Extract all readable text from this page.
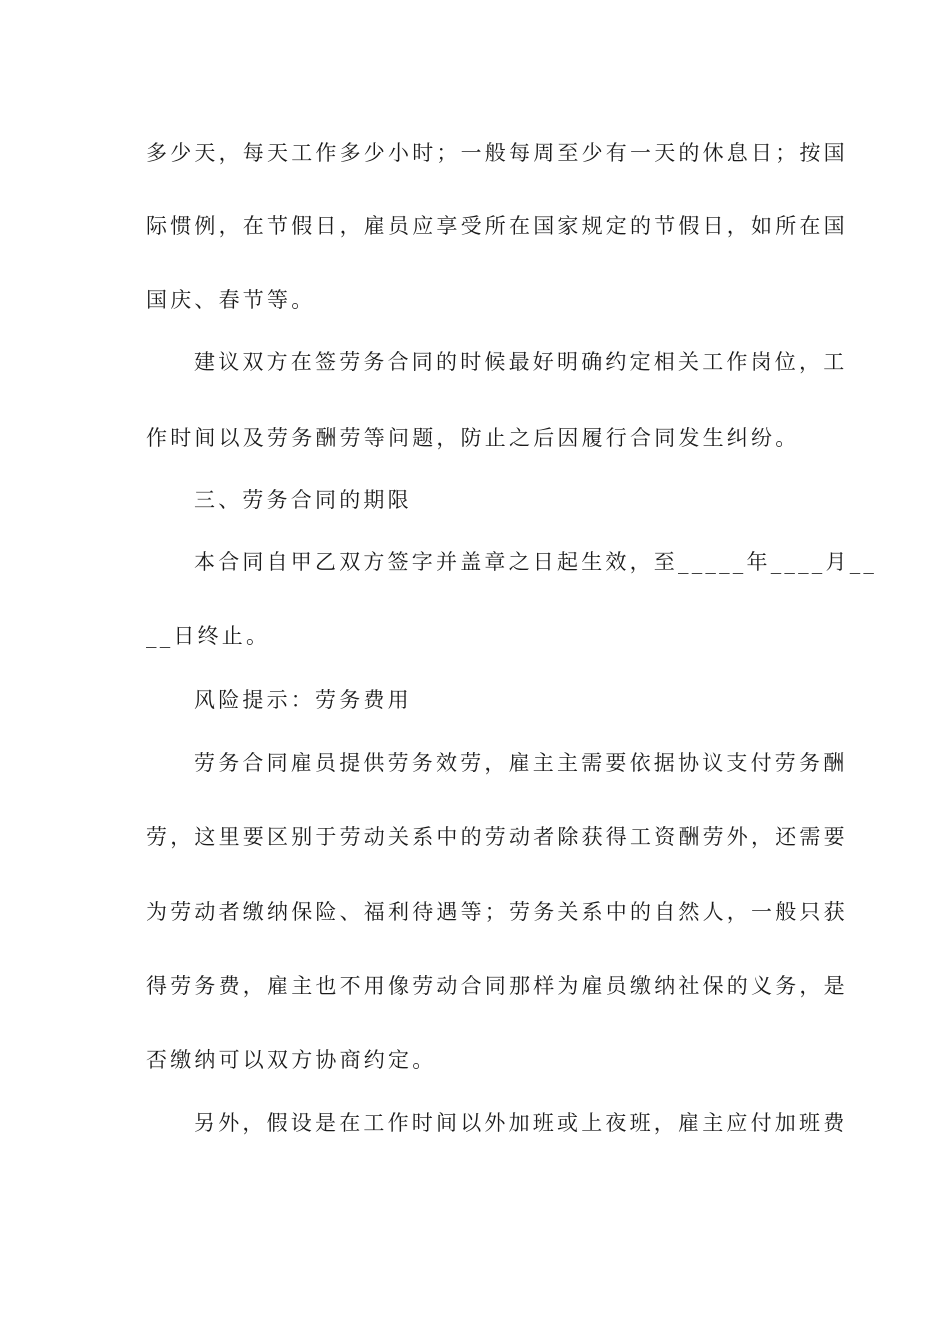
多少天，每天工作多少小时；一般每周至少有一天的休息日；按国
际惯例，在节假日，雇员应享受所在国家规定的节假日，如所在国
国庆、春节等。
建议双方在签劳务合同的时候最好明确约定相关工作岗位，工
作时间以及劳务酬劳等问题，防止之后因履行合同发生纠纷。
三、劳务合同的期限
本合同自甲乙双方签字并盖章之日起生效，至_____年____月__
__日终止。
风险提示：劳务费用
劳务合同雇员提供劳务效劳，雇主主需要依据协议支付劳务酬
劳，这里要区别于劳动关系中的劳动者除获得工资酬劳外，还需要
为劳动者缴纳保险、福利待遇等；劳务关系中的自然人，一般只获
得劳务费，雇主也不用像劳动合同那样为雇员缴纳社保的义务，是
否缴纳可以双方协商约定。
另外，假设是在工作时间以外加班或上夜班，雇主应付加班费
